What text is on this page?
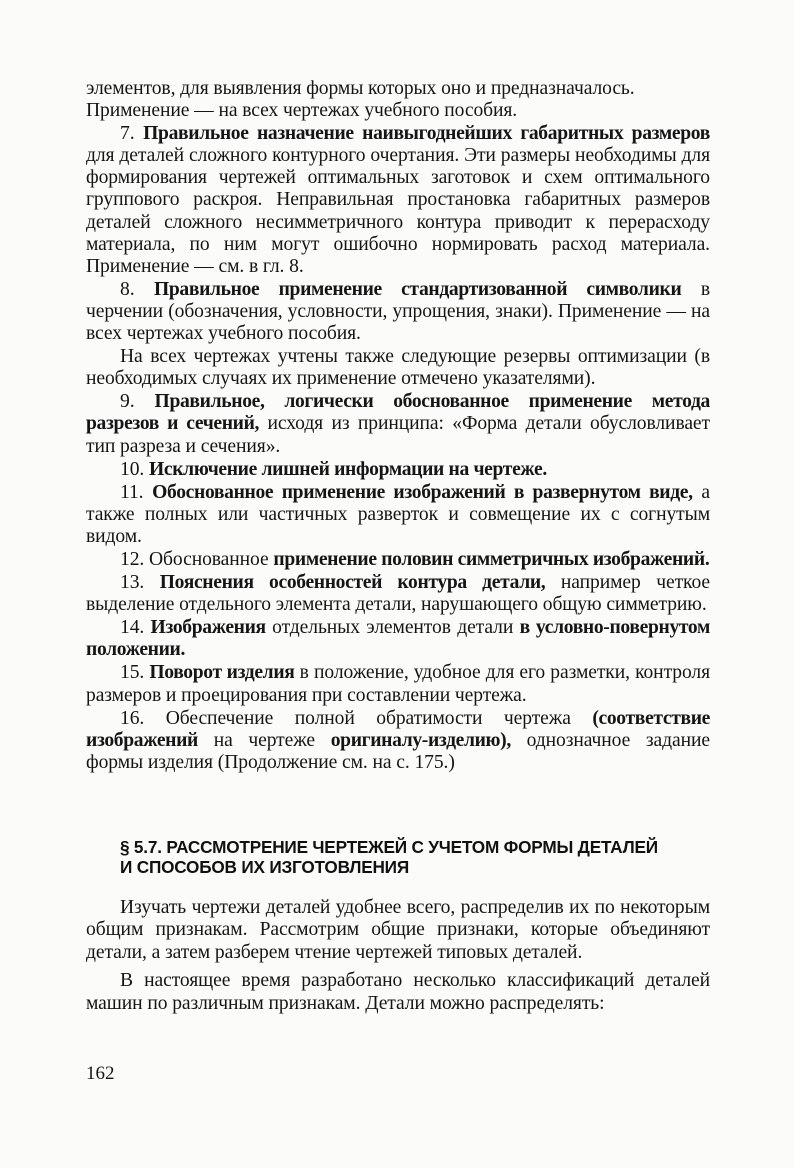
элементов, для выявления формы которых оно и предназначалось.
Применение — на всех чертежах учебного пособия.

7. Правильное назначение наивыгоднейших габаритных размеров для деталей сложного контурного очертания. Эти размеры необходимы для формирования чертежей оптимальных заготовок и схем оптимального группового раскроя. Неправильная простановка габаритных размеров деталей сложного несимметричного контура приводит к перерасходу материала, по ним могут ошибочно нормировать расход материала. Применение — см. в гл. 8.

8. Правильное применение стандартизованной символики в черчении (обозначения, условности, упрощения, знаки). Применение — на всех чертежах учебного пособия.

На всех чертежах учтены также следующие резервы оптимизации (в необходимых случаях их применение отмечено указателями).

9. Правильное, логически обоснованное применение метода разрезов и сечений, исходя из принципа: «Форма детали обусловливает тип разреза и сечения».

10. Исключение лишней информации на чертеже.

11. Обоснованное применение изображений в развернутом виде, а также полных или частичных разверток и совмещение их с согнутым видом.

12. Обоснованное применение половин симметричных изображений.

13. Пояснения особенностей контура детали, например четкое выделение отдельного элемента детали, нарушающего общую симметрию.

14. Изображения отдельных элементов детали в условно-повернутом положении.

15. Поворот изделия в положение, удобное для его разметки, контроля размеров и проецирования при составлении чертежа.

16. Обеспечение полной обратимости чертежа (соответствие изображений на чертеже оригиналу-изделию), однозначное задание формы изделия (Продолжение см. на с. 175.)

§ 5.7. РАССМОТРЕНИЕ ЧЕРТЕЖЕЙ С УЧЕТОМ ФОРМЫ ДЕТАЛЕЙ
И СПОСОБОВ ИХ ИЗГОТОВЛЕНИЯ

Изучать чертежи деталей удобнее всего, распределив их по некоторым общим признакам. Рассмотрим общие признаки, которые объединяют детали, а затем разберем чтение чертежей типовых деталей.

В настоящее время разработано несколько классификаций деталей машин по различным признакам. Детали можно распределять:

162
